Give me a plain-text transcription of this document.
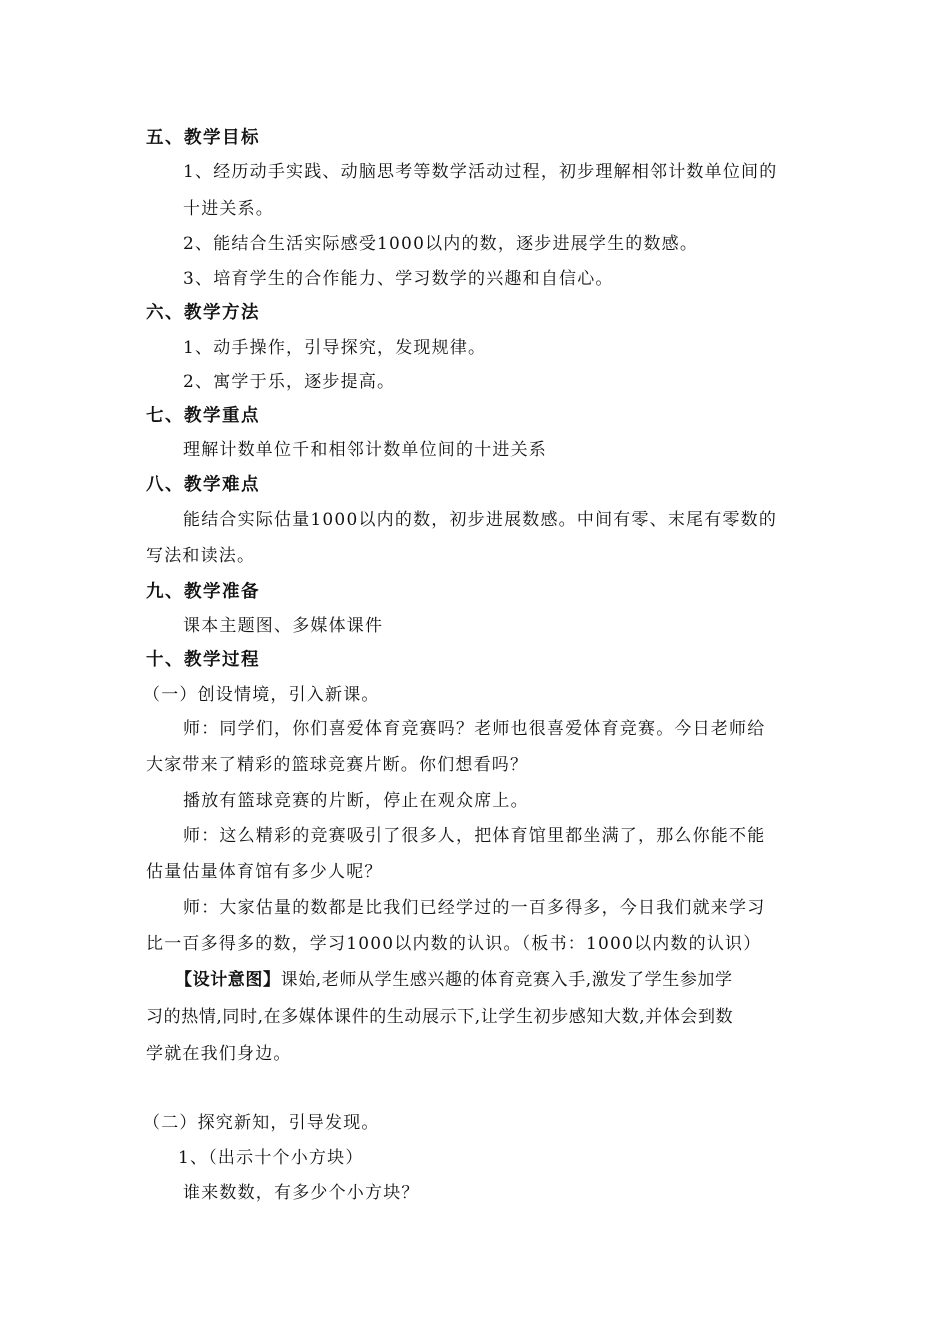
五、教学目标
1、经历动手实践、动脑思考等数学活动过程，初步理解相邻计数单位间的
十进关系。
2、能结合生活实际感受1000以内的数，逐步进展学生的数感。
3、培育学生的合作能力、学习数学的兴趣和自信心。
六、教学方法
1、动手操作，引导探究，发现规律。
2、寓学于乐，逐步提高。
七、教学重点
理解计数单位千和相邻计数单位间的十进关系
八、教学难点
能结合实际估量1000以内的数，初步进展数感。中间有零、末尾有零数的
写法和读法。
九、教学准备
课本主题图、多媒体课件
十、教学过程
（一）创设情境，引入新课。
师：同学们，你们喜爱体育竞赛吗？老师也很喜爱体育竞赛。今日老师给
大家带来了精彩的篮球竞赛片断。你们想看吗？
播放有篮球竞赛的片断，停止在观众席上。
师：这么精彩的竞赛吸引了很多人，把体育馆里都坐满了，那么你能不能
估量估量体育馆有多少人呢？
师：大家估量的数都是比我们已经学过的一百多得多，今日我们就来学习
比一百多得多的数，学习1000以内数的认识。（板书：1000以内数的认识）
【设计意图】课始,老师从学生感兴趣的体育竞赛入手,激发了学生参加学
习的热情,同时,在多媒体课件的生动展示下,让学生初步感知大数,并体会到数
学就在我们身边。
（二）探究新知，引导发现。
1、（出示十个小方块）
谁来数数，有多少个小方块？
